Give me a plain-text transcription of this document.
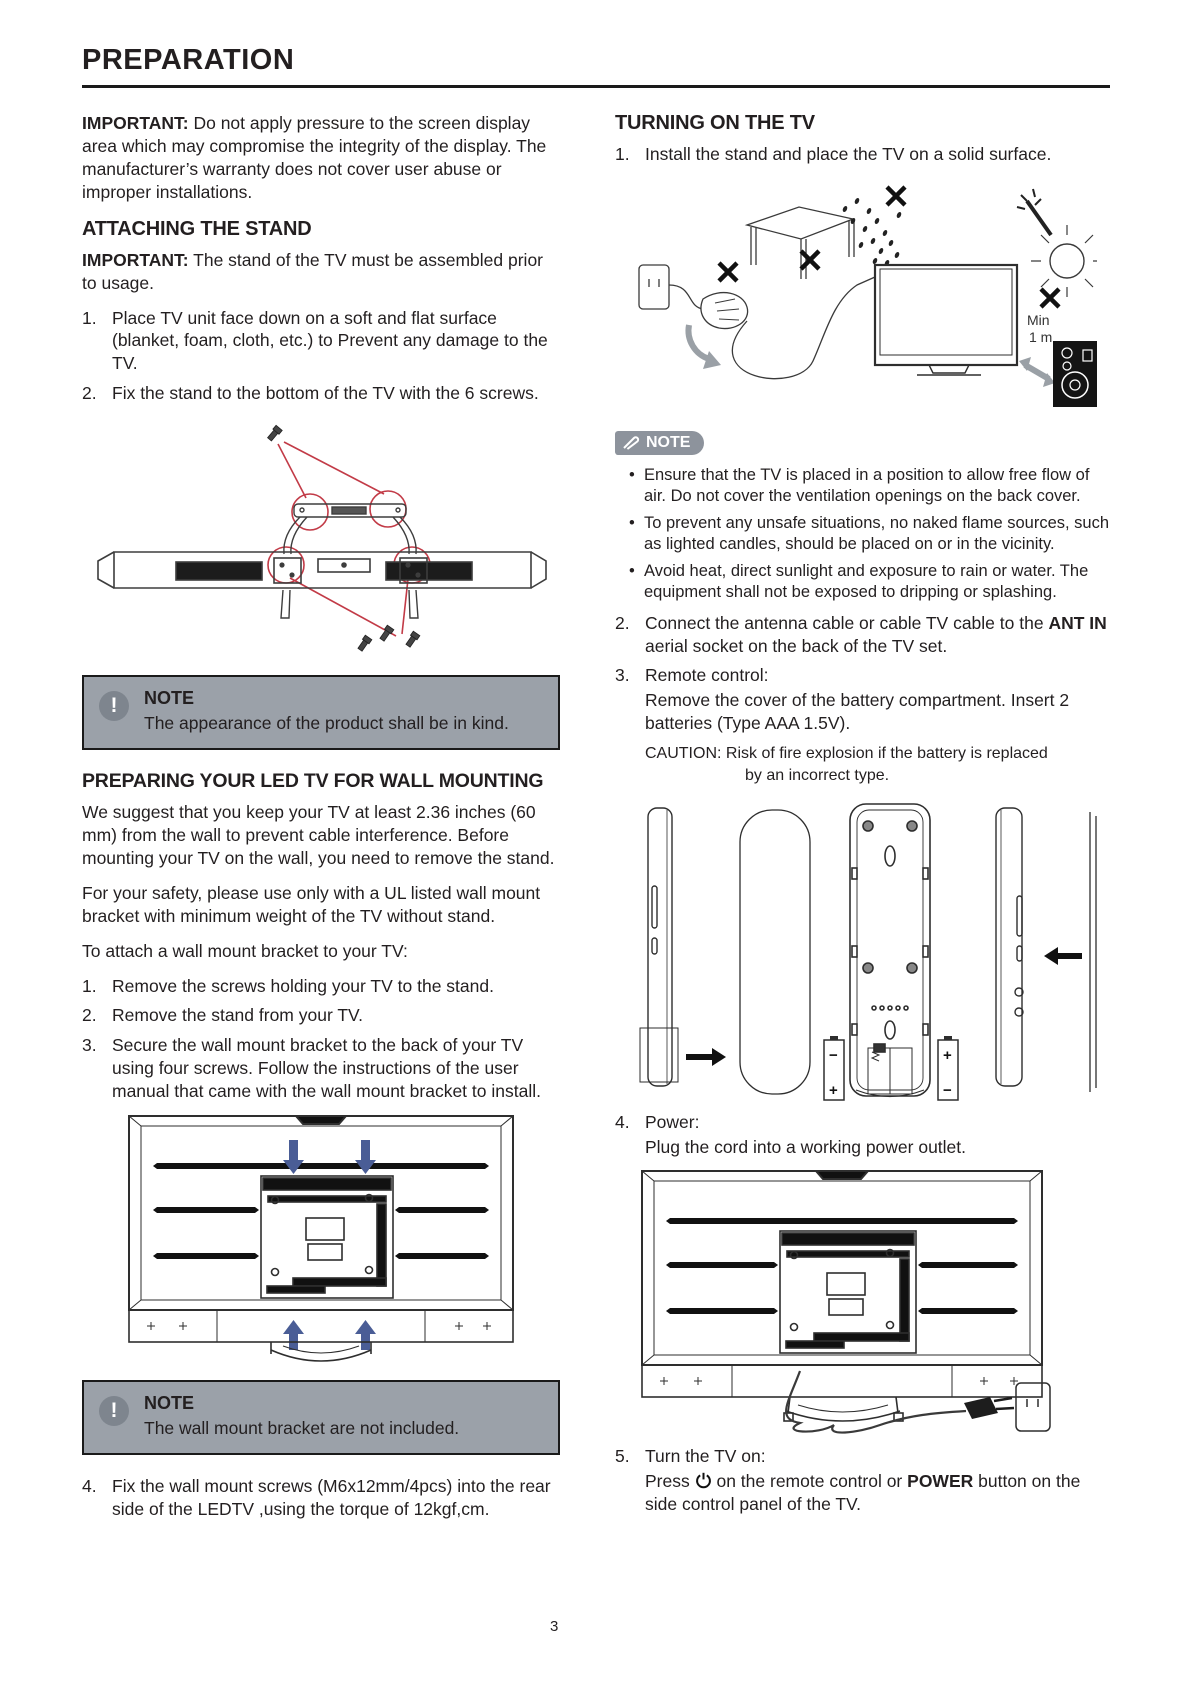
PREPARATION

IMPORTANT: Do not apply pressure to the screen display area which may compromise the integrity of the display. The manufacturer’s warranty does not cover user abuse or improper installations.

ATTACHING THE STAND

IMPORTANT: The stand of the TV must be assembled prior to usage.

1. Place TV unit face down on a soft and flat surface (blanket, foam, cloth, etc.) to Prevent any damage to the TV.
2. Fix the stand to the bottom of the TV with the 6 screws.
!	NOTE
The appearance of the product shall be in kind.
PREPARING YOUR LED TV FOR WALL MOUNTING

We suggest that you keep your TV at least 2.36 inches (60 mm) from the wall to prevent cable interference. Before mounting your TV on the wall, you need to remove the stand.

For your safety, please use only with a UL listed wall mount bracket with minimum weight of the TV without stand.

To attach a wall mount bracket to your TV:

1. Remove the screws holding your TV to the stand.
2. Remove the stand from your TV.
3. Secure the wall mount bracket to the back of your TV using four screws. Follow the instructions of the user manual that came with the wall mount bracket to install.
!	NOTE
The wall mount bracket are not included.
4. Fix the wall mount screws (M6x12mm/4pcs) into the rear side of the LEDTV ,using the torque of 12kgf,cm.
TURNING ON THE TV
1. Install the stand and place the TV on a solid surface.
Min
1 m
NOTE
• Ensure that the TV is placed in a position to allow free flow of air. Do not cover the ventilation openings on the back cover.
• To prevent any unsafe situations, no naked flame sources, such as lighted candles, should be placed on or in the vicinity.
• Avoid heat, direct sunlight and exposure to rain or water. The equipment shall not be exposed to dripping or splashing.
2. Connect the antenna cable or cable TV cable to the ANT IN aerial socket on the back of the TV set.
3. Remote control:
Remove the cover of the battery compartment. Insert 2 batteries (Type AAA 1.5V).
CAUTION: Risk of fire explosion if the battery is replaced
by an incorrect type.
−
+
+
−
4. Power:
Plug the cord into a working power outlet.
5. Turn the TV on:
Press
on the remote control or POWER button on the side control panel of the TV.
3
